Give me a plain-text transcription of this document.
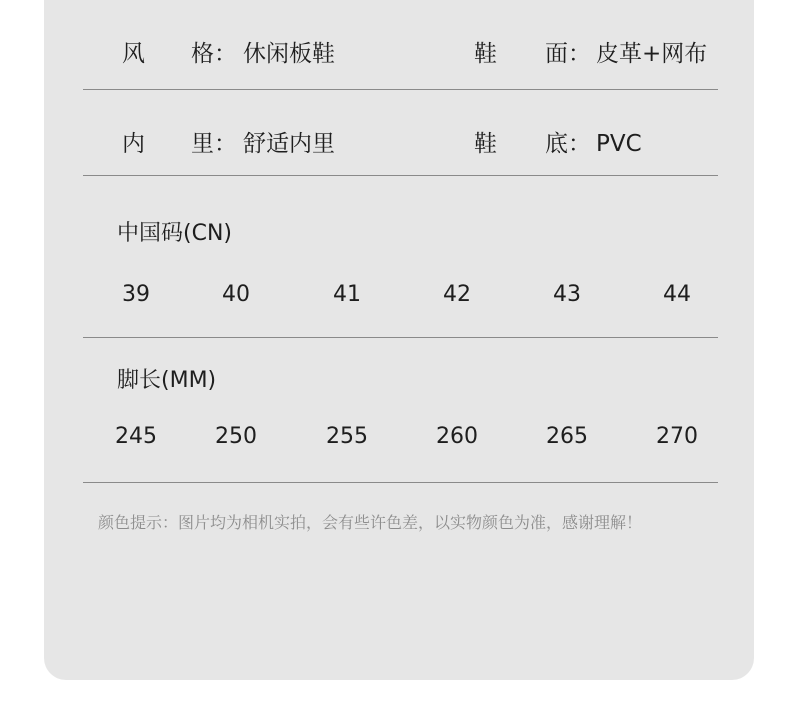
风 格： 休闲板鞋	鞋 面： 皮革+网布
内 里： 舒适内里	鞋 底： PVC
中国码(CN)
39	40	41	42	43	44
脚长(MM)
245	250	255	260	265	270
颜色提示：图片均为相机实拍，会有些许色差，以实物颜色为准，感谢理解！
